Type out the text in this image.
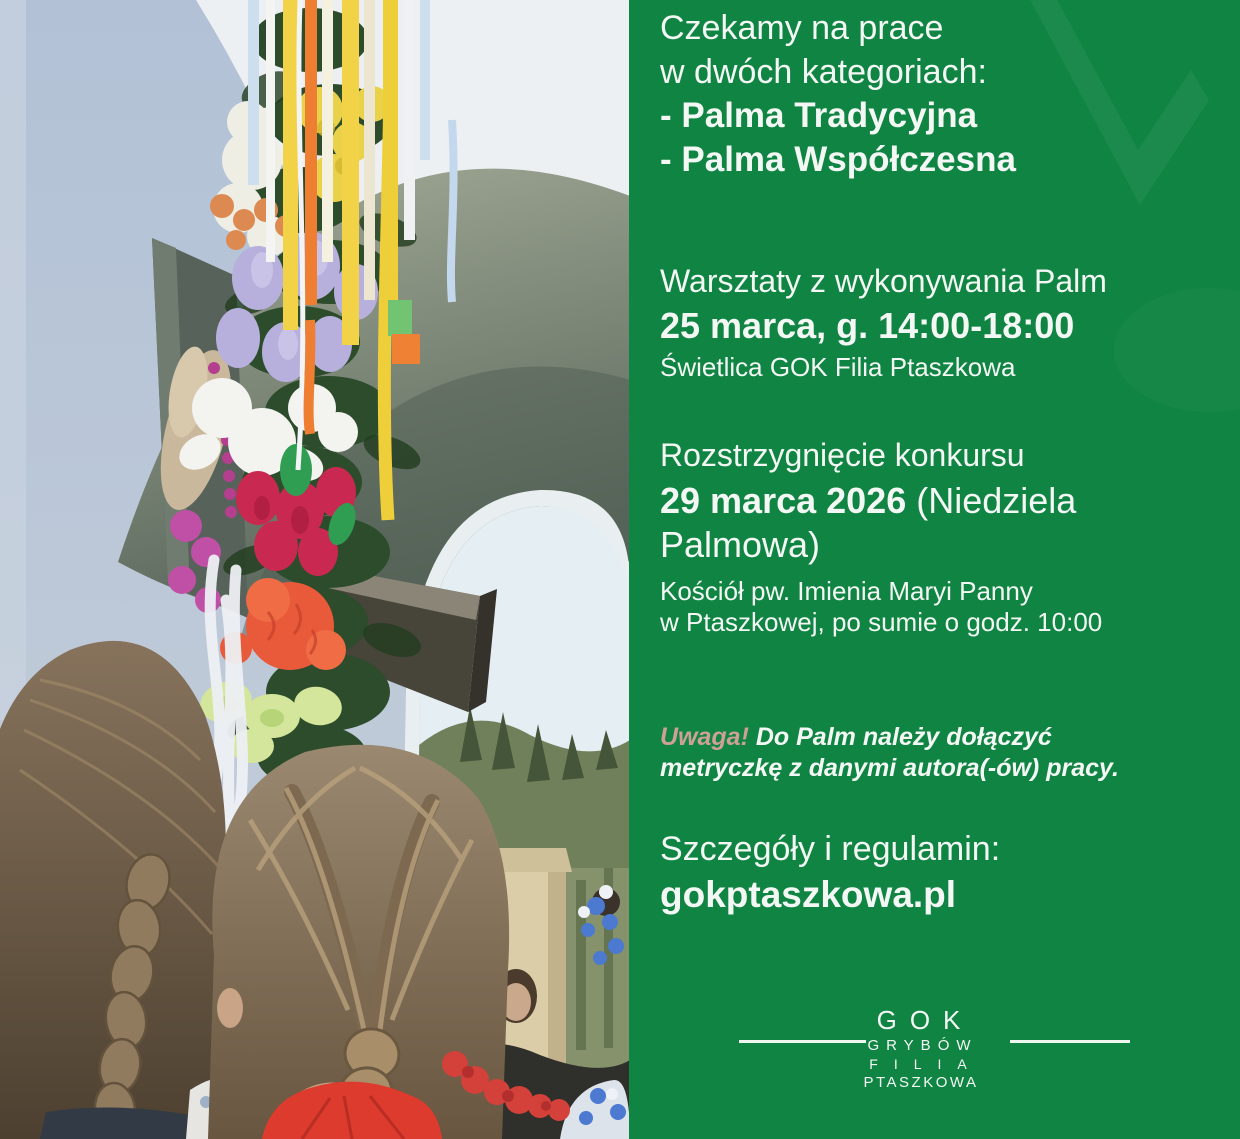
Czekamy na prace

w dwóch kategoriach:

- Palma Tradycyjna

- Palma Współczesna

Warsztaty z wykonywania Palm

25 marca, g. 14:00-18:00

Świetlica GOK Filia Ptaszkowa

Rozstrzygnięcie konkursu

29 marca 2026 (Niedziela Palmowa)

Kościół pw. Imienia Maryi Panny

w Ptaszkowej, po sumie o godz. 10:00

Uwaga! Do Palm należy dołączyć metryczkę z danymi autora(-ów) pracy.

Szczegóły i regulamin:

gokptaszkowa.pl

GOK
GRYBÓW
FILIA
PTASZKOWA
